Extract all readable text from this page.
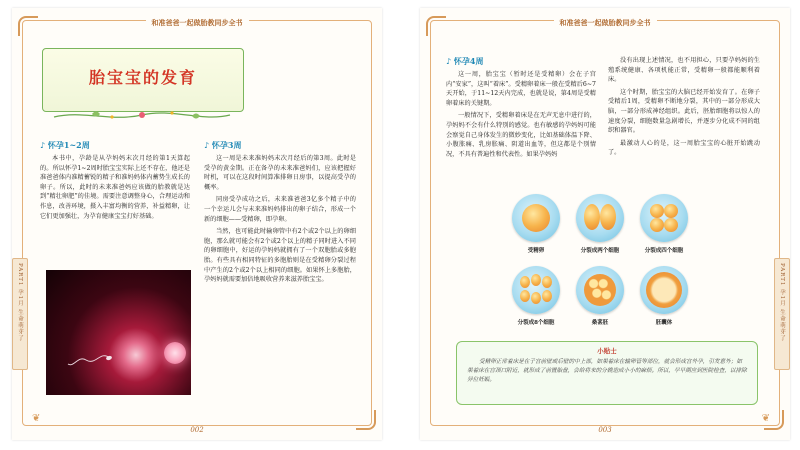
和准爸爸一起做胎教同步全书
PART1 孕1月 生命萌芽了
胎宝宝的发育
♪ 怀孕1~2周

本书中，孕龄是从孕妈妈末次月经的第1天算起的。所以怀孕1~2周时胎宝宝实际上还不存在，他还是准爸爸体内准精蓄锐的精子和准妈妈体内蓄势生成长的卵子。所以，此时的未来准爸妈应该做的胎教就是达到“精壮卵肥”的佳境。需要注意调整身心，合理运动和作息，改善环境，摄入丰富均衡的营养，补益精卵，让它们更加强壮，为孕育健康宝宝打好基础。

♪ 怀孕3周

这一周是未来准妈妈末次月经后的第3周。此时是受孕的黄金期。正在备孕的未来准爸妈们，应该把握好时机，可以在这段时间算准排卵日房事，以提高受孕的概率。

同房受孕成功之后，未来准爸爸3亿多个精子中的一个幸运儿会与未来准妈妈排出的卵子结合，形成一个新的细胞——受精卵，即孕卵。

当然，也可能此时输卵管中有2个或2个以上的卵细胞，那么就可能会有2个或2个以上的精子同时进入不同的卵细胞中，好运的孕妈妈就拥有了一个双胞胎或多胞胎。有些具有相同特征的多胞胎则是在受精卵分裂过程中产生的2个或2个以上相同的细胞。如果怀上多胞胎，孕妈妈就需要加倍地吸收营养来滋养胎宝宝。

❦
002
和准爸爸一起做胎教同步全书
PART1 孕1月 生命萌芽了
♪ 怀孕4周

这一周，胎宝宝（暂时还是受精卵）会在子宫内“安家”，这叫“着床”。受精卵着床一般在受精后6~7天开始，于11~12天内完成，也就是说，第4周是受精卵着床的关键期。

一般情况下，受精卵着床是在无声无息中进行的，孕妈妈不会有什么特别的感觉。也有敏感的孕妈妈可能会察觉自己身体发生的微妙变化，比如基础体温下降、小腹胀痛、乳房胀痛、阴道出血等，但这都是个别情况，不具有普遍性和代表性。如果孕妈妈

没有出现上述情况，也不用担心，只要孕妈妈的生殖系统健康、各项机能正常，受精卵一般都能顺利着床。

这个时期，胎宝宝的大脑已经开始发育了。在卵子受精后1周，受精卵不断地分裂，其中的一部分形成大脑，一部分形成神经组织。此后，胚胎细胞将以惊人的速度分裂，细胞数量急剧增长，并逐步分化成不同的组织和器官。

最激动人心的是，这一周胎宝宝的心脏开始跳动了。

受精卵	分裂成两个细胞	分裂成四个细胞
分裂成8个细胞	桑葚胚	胚囊体
小贴士
受精卵正常着床是在子宫前壁或后壁的中上部，如果着床在输卵管等部位，就会形成宫外孕，引发意外；如果着床在宫颈口附近，就形成了前置胎盘，会给将来的分娩造成小小的麻烦。所以，早早期应到医院检查，以排除异位妊娠。
❦
003
